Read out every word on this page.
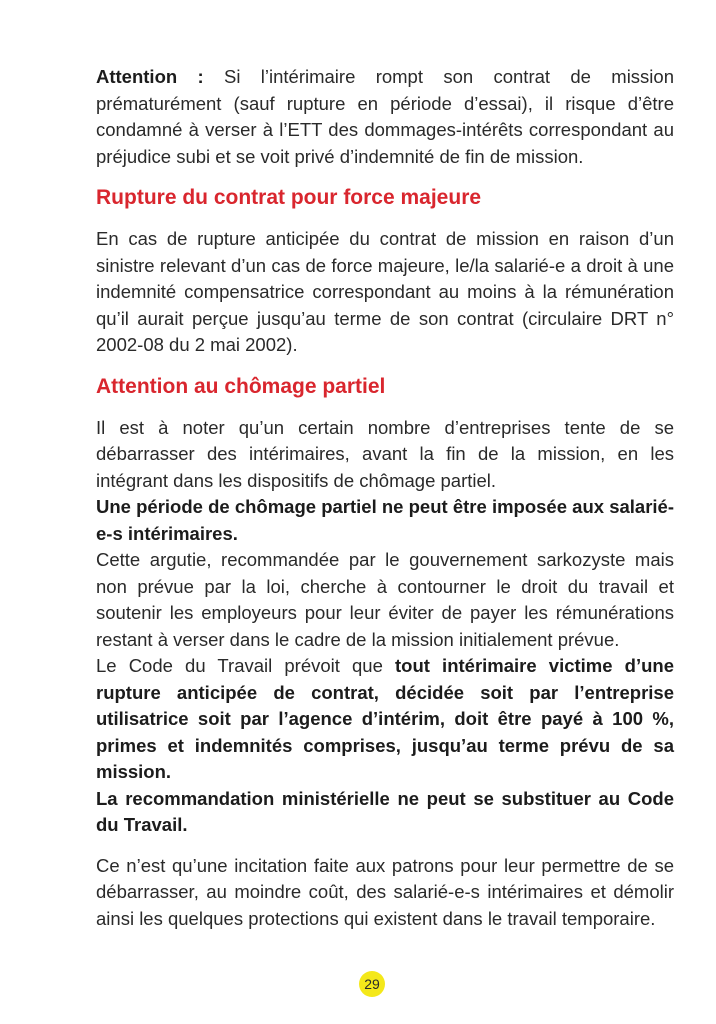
Attention : Si l’intérimaire rompt son contrat de mission prématurément (sauf rupture en période d’essai), il risque d’être condamné à verser à l’ETT des dommages-intérêts correspondant au préjudice subi et se voit privé d’indemnité de fin de mission.

Rupture du contrat pour force majeure

En cas de rupture anticipée du contrat de mission en raison d’un sinistre relevant d’un cas de force majeure, le/la salarié-e a droit à une indemnité compensatrice correspondant au moins à la rémunération qu’il aurait perçue jusqu’au terme de son contrat (circulaire DRT n° 2002-08 du 2 mai 2002).

Attention au chômage partiel

Il est à noter qu’un certain nombre d’entreprises tente de se débarrasser des intérimaires, avant la fin de la mission, en les intégrant dans les dispositifs de chômage partiel.

Une période de chômage partiel ne peut être imposée aux salarié-e-s intérimaires.

Cette argutie, recommandée par le gouvernement sarkozyste mais non prévue par la loi, cherche à contourner le droit du travail et soutenir les employeurs pour leur éviter de payer les rémunérations restant à verser dans le cadre de la mission initialement prévue.

Le Code du Travail prévoit que tout intérimaire victime d’une rupture anticipée de contrat, décidée soit par l’entreprise utilisatrice soit par l’agence d’intérim, doit être payé à 100 %, primes et indemnités comprises, jusqu’au terme prévu de sa mission.

La recommandation ministérielle ne peut se substituer au Code du Travail.

Ce n’est qu’une incitation faite aux patrons pour leur permettre de se débarrasser, au moindre coût, des salarié-e-s intérimaires et démolir ainsi les quelques protections qui existent dans le travail temporaire.

29
